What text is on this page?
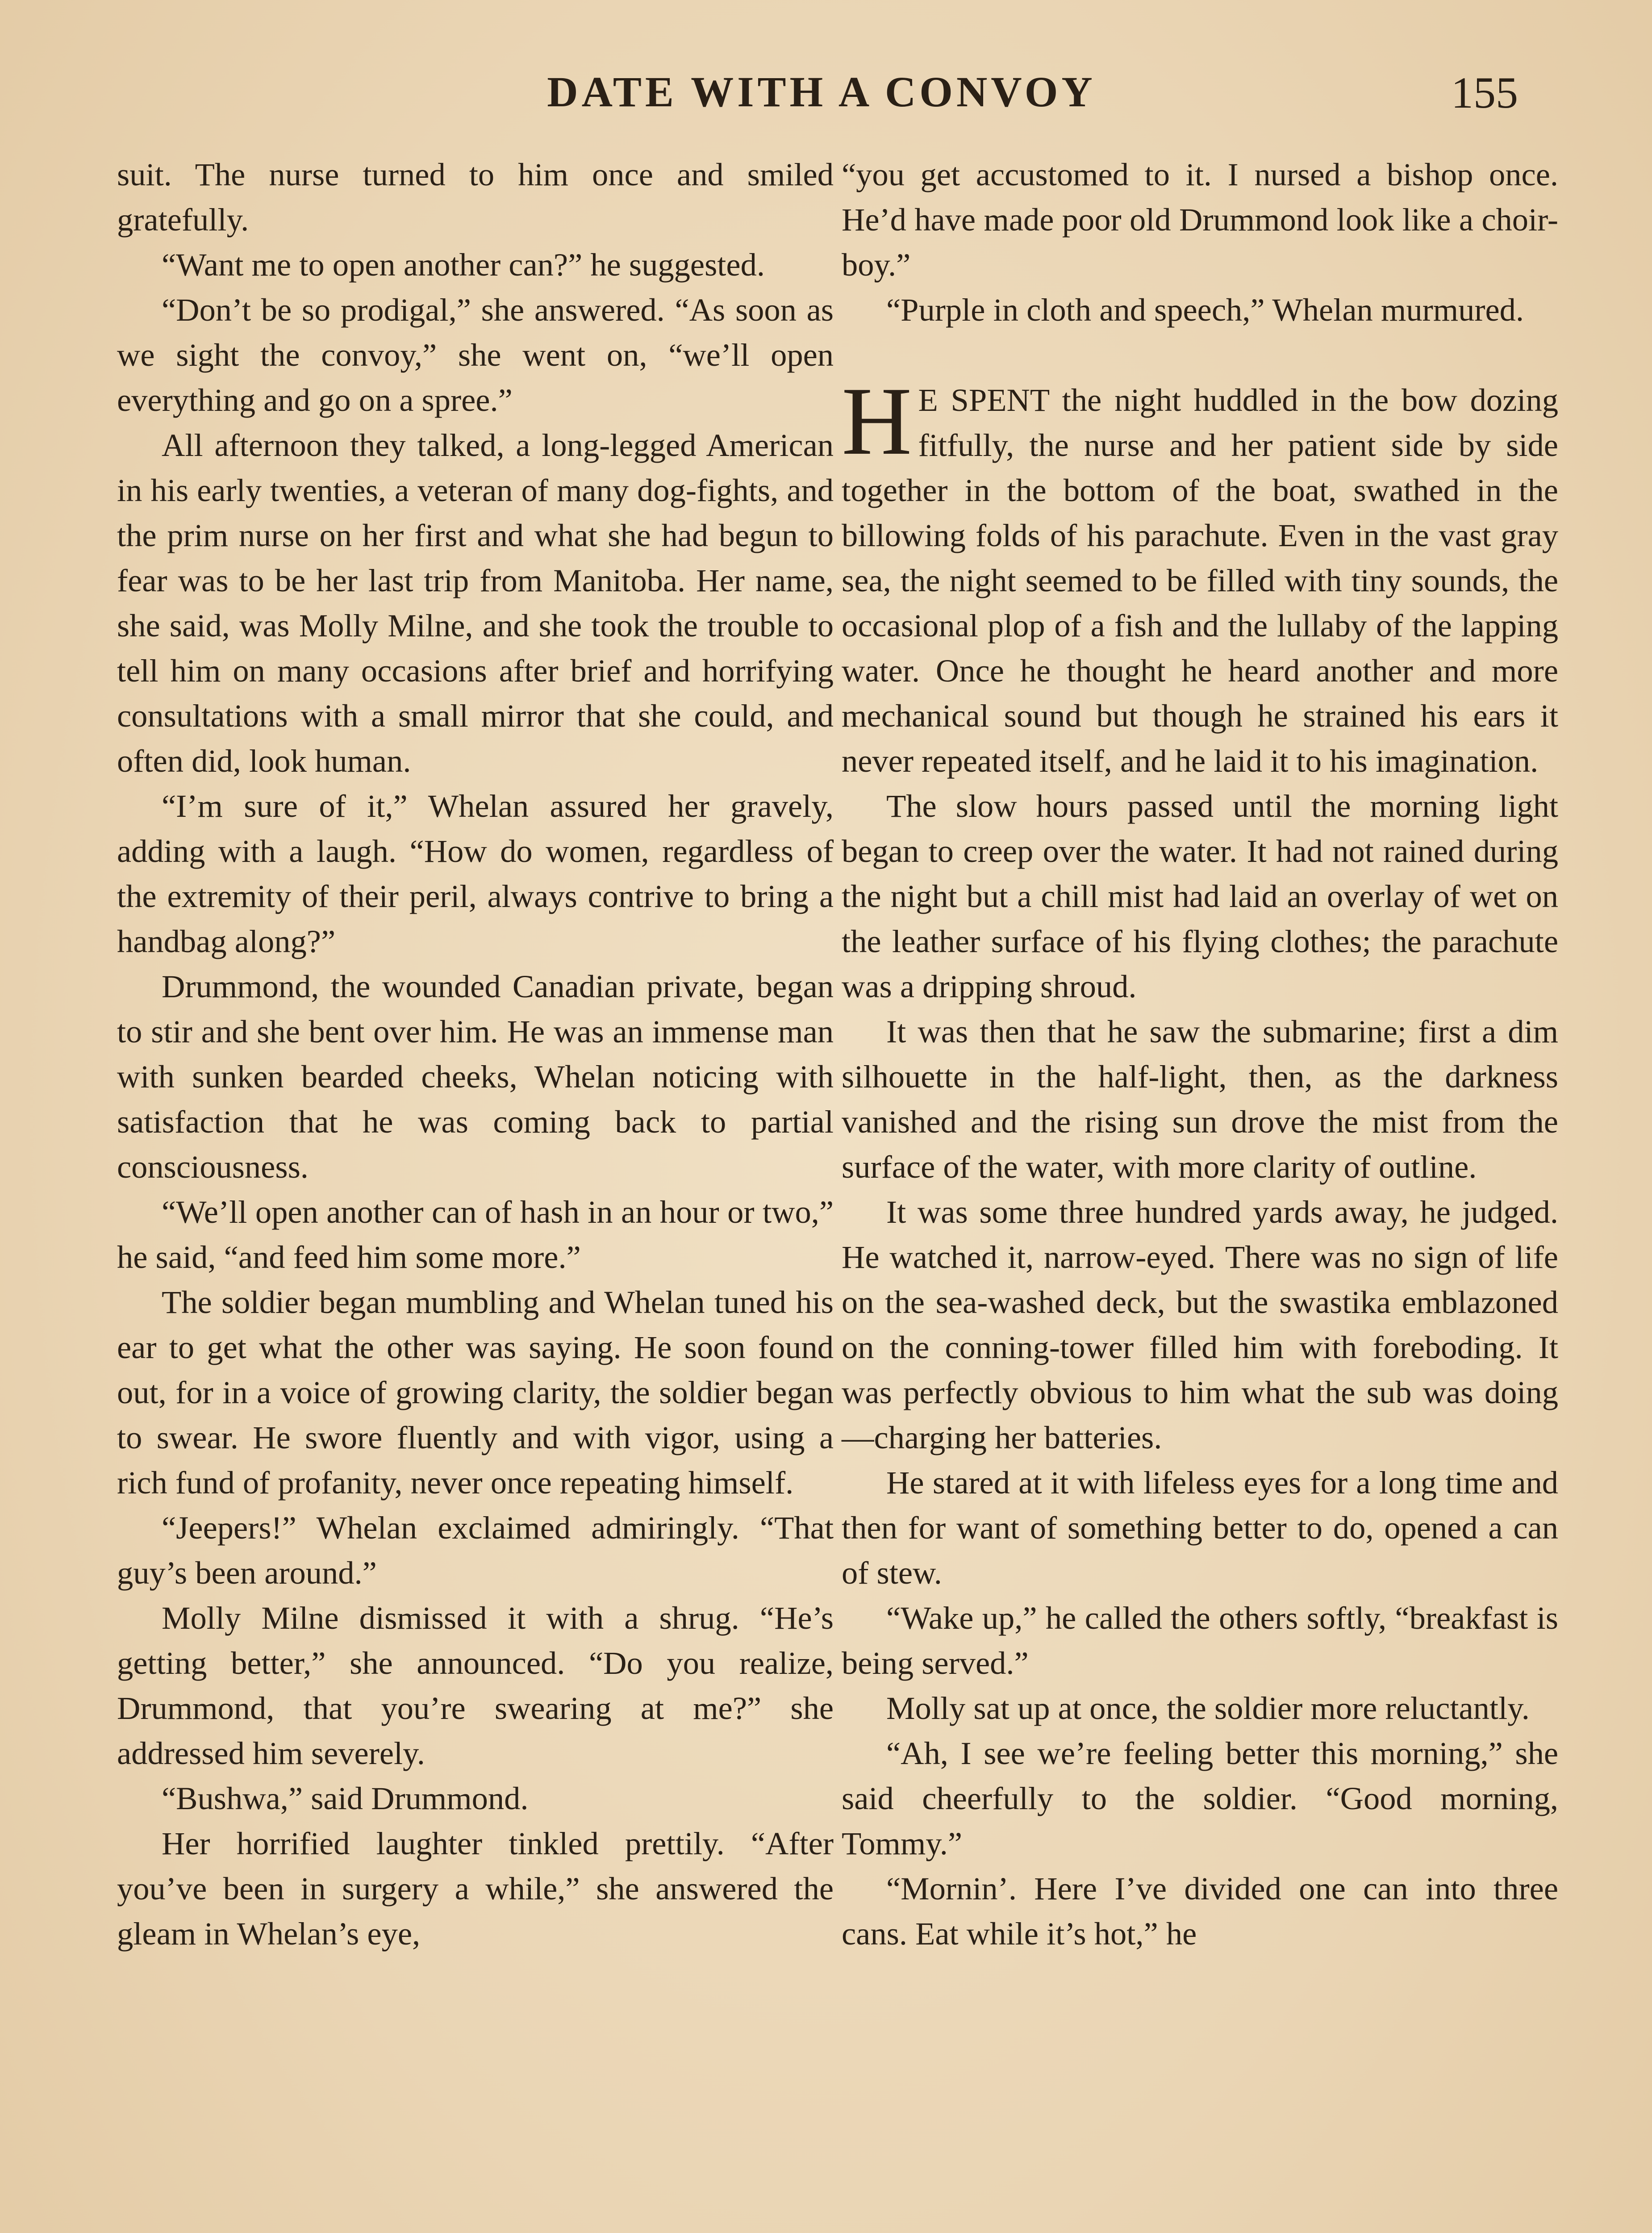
DATE WITH A CONVOY	155

suit. The nurse turned to him once and smiled gratefully.

“Want me to open another can?” he suggested.

“Don’t be so prodigal,” she answered. “As soon as we sight the convoy,” she went on, “we’ll open everything and go on a spree.”

All afternoon they talked, a long-legged American in his early twenties, a veteran of many dog-fights, and the prim nurse on her first and what she had begun to fear was to be her last trip from Manitoba. Her name, she said, was Molly Milne, and she took the trouble to tell him on many occasions after brief and horrifying consultations with a small mirror that she could, and often did, look human.

“I’m sure of it,” Whelan assured her gravely, adding with a laugh. “How do women, regardless of the extremity of their peril, always contrive to bring a handbag along?”

Drummond, the wounded Canadian private, began to stir and she bent over him. He was an immense man with sunken bearded cheeks, Whelan noticing with satisfaction that he was coming back to partial consciousness.

“We’ll open another can of hash in an hour or two,” he said, “and feed him some more.”

The soldier began mumbling and Whelan tuned his ear to get what the other was saying. He soon found out, for in a voice of growing clarity, the soldier began to swear. He swore fluently and with vigor, using a rich fund of profanity, never once repeating himself.

“Jeepers!” Whelan exclaimed admiringly. “That guy’s been around.”

Molly Milne dismissed it with a shrug. “He’s getting better,” she announced. “Do you realize, Drummond, that you’re swearing at me?” she addressed him severely.

“Bushwa,” said Drummond.

Her horrified laughter tinkled prettily. “After you’ve been in surgery a while,” she answered the gleam in Whelan’s eye,

“you get accustomed to it. I nursed a bishop once. He’d have made poor old Drummond look like a choir-boy.”

“Purple in cloth and speech,” Whelan murmured.

H E SPENT the night huddled in the bow dozing fitfully, the nurse and her patient side by side together in the bottom of the boat, swathed in the billowing folds of his parachute. Even in the vast gray sea, the night seemed to be filled with tiny sounds, the occasional plop of a fish and the lullaby of the lapping water. Once he thought he heard another and more mechanical sound but though he strained his ears it never repeated itself, and he laid it to his imagination.

The slow hours passed until the morning light began to creep over the water. It had not rained during the night but a chill mist had laid an overlay of wet on the leather surface of his flying clothes; the parachute was a dripping shroud.

It was then that he saw the submarine; first a dim silhouette in the half-light, then, as the darkness vanished and the rising sun drove the mist from the surface of the water, with more clarity of outline.

It was some three hundred yards away, he judged. He watched it, narrow-eyed. There was no sign of life on the sea-washed deck, but the swastika emblazoned on the conning-tower filled him with foreboding. It was perfectly obvious to him what the sub was doing—charging her batteries.

He stared at it with lifeless eyes for a long time and then for want of something better to do, opened a can of stew.

“Wake up,” he called the others softly, “breakfast is being served.”

Molly sat up at once, the soldier more reluctantly.

“Ah, I see we’re feeling better this morning,” she said cheerfully to the soldier. “Good morning, Tommy.”

“Mornin’. Here I’ve divided one can into three cans. Eat while it’s hot,” he
